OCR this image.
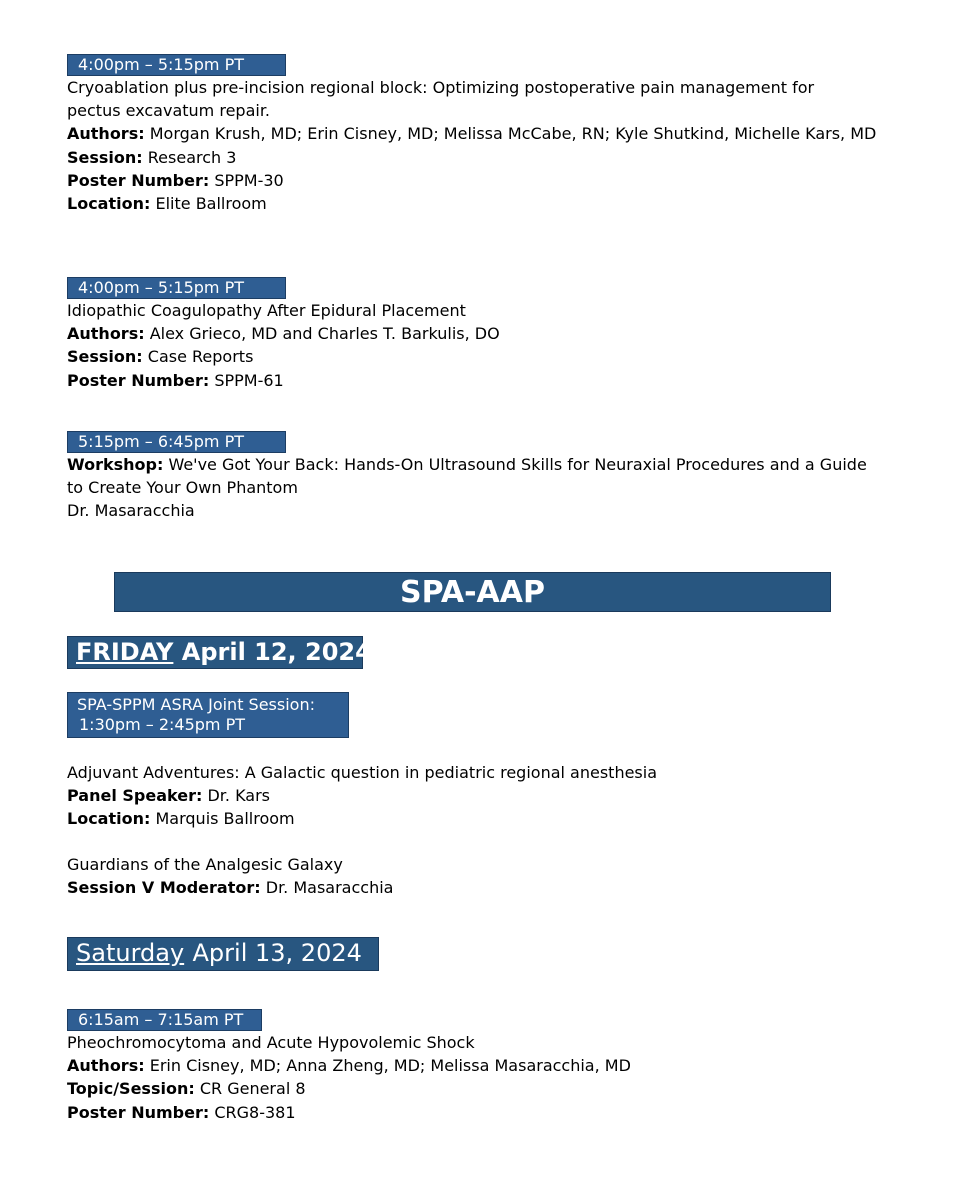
4:00pm – 5:15pm PT
Cryoablation plus pre-incision regional block: Optimizing postoperative pain management for pectus excavatum repair.
Authors: Morgan Krush, MD; Erin Cisney, MD; Melissa McCabe, RN; Kyle Shutkind, Michelle Kars, MD
Session: Research 3
Poster Number: SPPM-30
Location: Elite Ballroom
4:00pm – 5:15pm PT
Idiopathic Coagulopathy After Epidural Placement
Authors: Alex Grieco, MD and Charles T. Barkulis, DO
Session: Case Reports
Poster Number: SPPM-61
5:15pm – 6:45pm PT
Workshop: We've Got Your Back: Hands-On Ultrasound Skills for Neuraxial Procedures and a Guide to Create Your Own Phantom
Dr. Masaracchia
SPA-AAP
FRIDAY April 12, 2024
SPA-SPPM ASRA Joint Session:
1:30pm – 2:45pm PT
Adjuvant Adventures: A Galactic question in pediatric regional anesthesia
Panel Speaker: Dr. Kars
Location: Marquis Ballroom
Guardians of the Analgesic Galaxy
Session V Moderator: Dr. Masaracchia
Saturday April 13, 2024
6:15am – 7:15am PT
Pheochromocytoma and Acute Hypovolemic Shock
Authors: Erin Cisney, MD; Anna Zheng, MD; Melissa Masaracchia, MD
Topic/Session: CR General 8
Poster Number: CRG8-381
